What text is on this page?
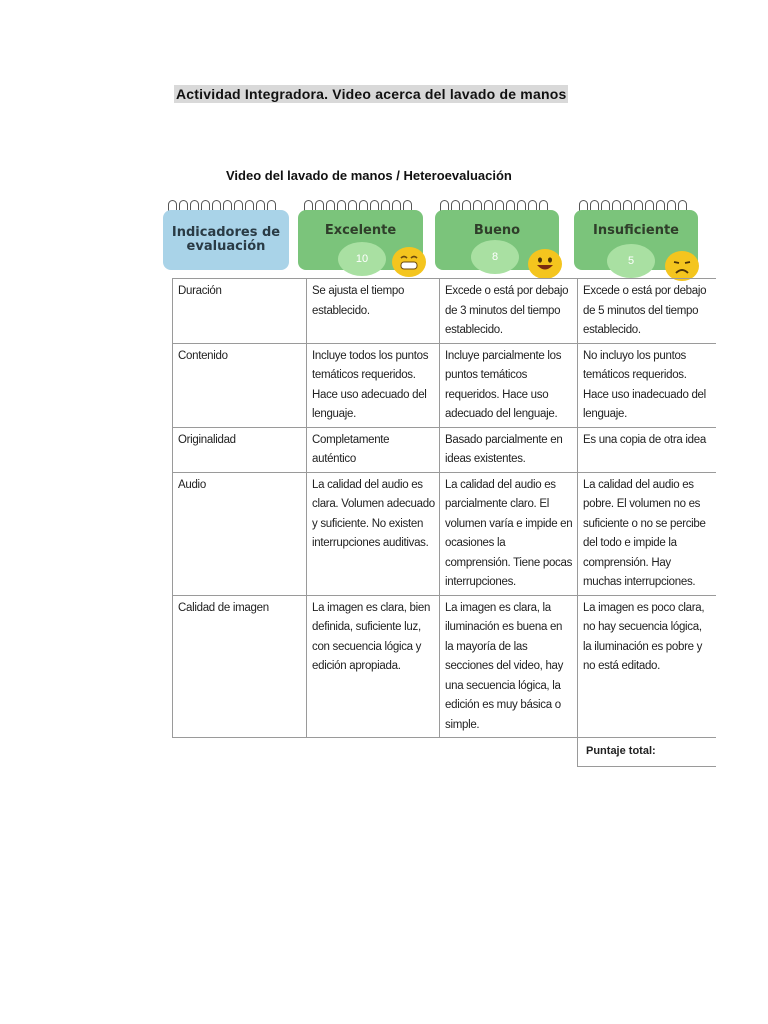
Actividad Integradora. Video acerca del lavado de manos
Video del lavado de manos / Heteroevaluación
Indicadores de evaluación
Excelente	Bueno	Insuficiente
10	8	5
Duración	Se ajusta el tiempo establecido.	Excede o está por debajo de 3 minutos del tiempo establecido.	Excede o está por debajo de 5 minutos del tiempo establecido.
Contenido	Incluye todos los puntos temáticos requeridos. Hace uso adecuado del lenguaje.	Incluye parcialmente los puntos temáticos requeridos. Hace uso adecuado del lenguaje.	No incluyo los puntos temáticos requeridos. Hace uso inadecuado del lenguaje.
Originalidad	Completamente auténtico	Basado parcialmente en ideas existentes.	Es una copia de otra idea
Audio	La calidad del audio es clara. Volumen adecuado y suficiente. No existen interrupciones auditivas.	La calidad del audio es parcialmente claro. El volumen varía e impide en ocasiones la comprensión. Tiene pocas interrupciones.	La calidad del audio es pobre. El volumen no es suficiente o no se percibe del todo e impide la comprensión. Hay muchas interrupciones.
Calidad de imagen	La imagen es clara, bien definida, suficiente luz, con secuencia lógica y edición apropiada.	La imagen es clara, la iluminación es buena en la mayoría de las secciones del video, hay una secuencia lógica, la edición es muy básica o simple.	La imagen es poco clara, no hay secuencia lógica, la iluminación es pobre y no está editado.
			Puntaje total:
